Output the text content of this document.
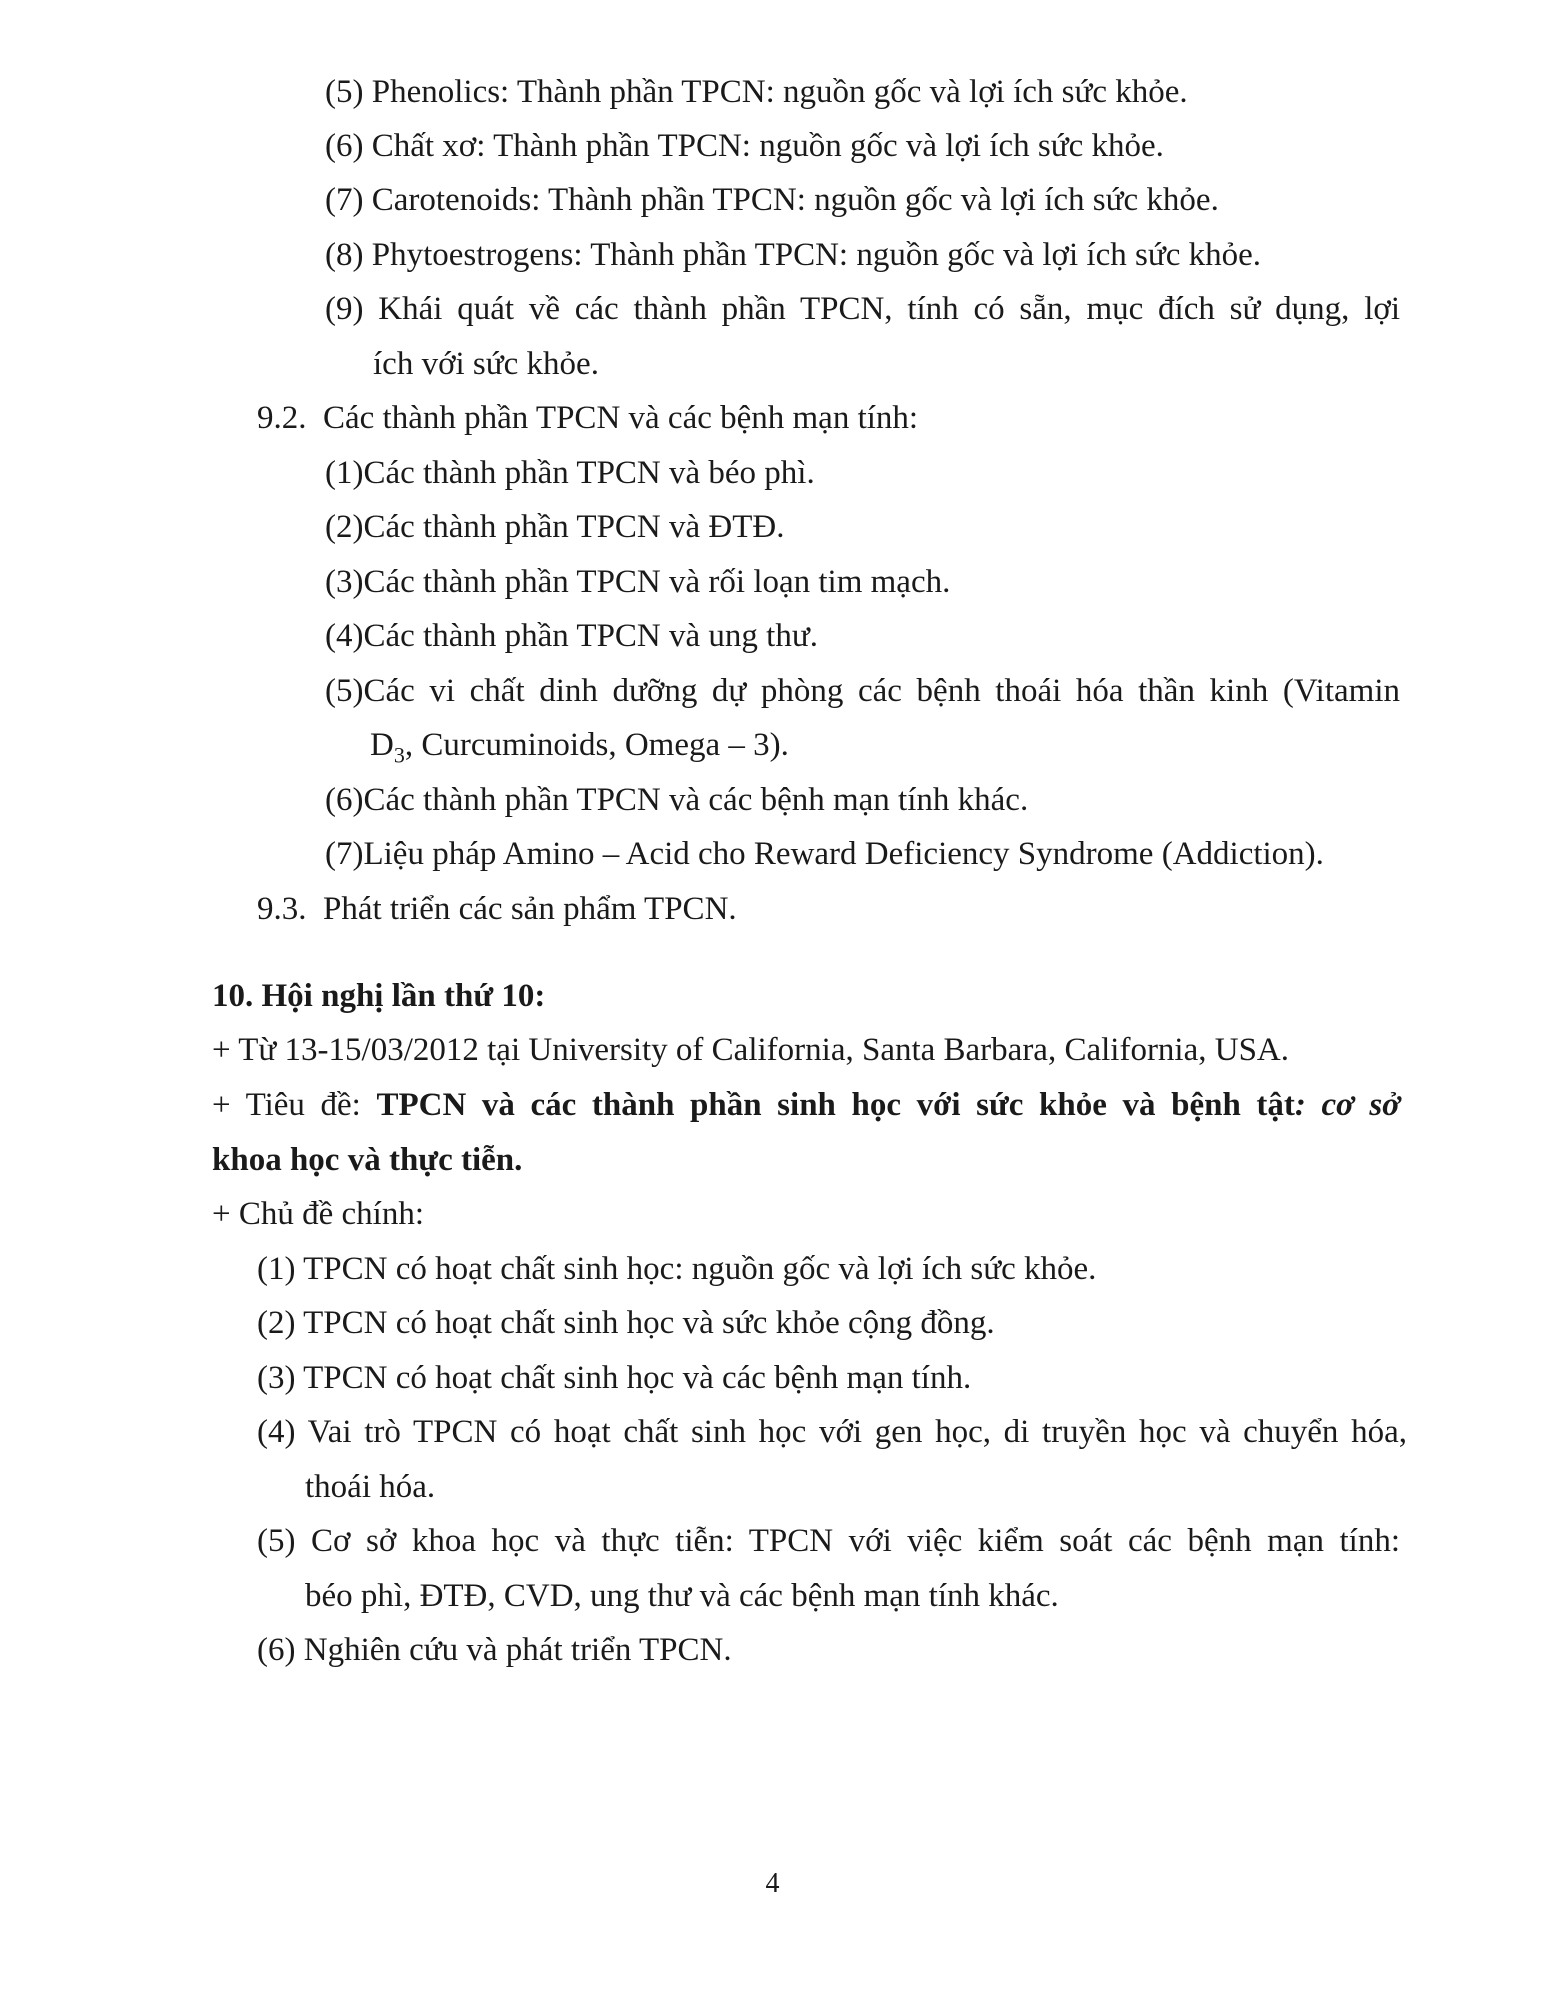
(5) Phenolics: Thành phần TPCN: nguồn gốc và lợi ích sức khỏe.
(6) Chất xơ: Thành phần TPCN: nguồn gốc và lợi ích sức khỏe.
(7) Carotenoids: Thành phần TPCN: nguồn gốc và lợi ích sức khỏe.
(8) Phytoestrogens: Thành phần TPCN: nguồn gốc và lợi ích sức khỏe.
(9) Khái quát về các thành phần TPCN, tính có sẵn, mục đích sử dụng, lợi
ích với sức khỏe.
9.2. Các thành phần TPCN và các bệnh mạn tính:
(1)Các thành phần TPCN và béo phì.
(2)Các thành phần TPCN và ĐTĐ.
(3)Các thành phần TPCN và rối loạn tim mạch.
(4)Các thành phần TPCN và ung thư.
(5)Các vi chất dinh dưỡng dự phòng các bệnh thoái hóa thần kinh (Vitamin
$D_3$, Curcuminoids, Omega – 3).
(6)Các thành phần TPCN và các bệnh mạn tính khác.
(7)Liệu pháp Amino – Acid cho Reward Deficiency Syndrome (Addiction).
9.3. Phát triển các sản phẩm TPCN.
10. Hội nghị lần thứ 10:
+ Từ 13-15/03/2012 tại University of California, Santa Barbara, California, USA.
+ Tiêu đề: TPCN và các thành phần sinh học với sức khỏe và bệnh tật: cơ sở
khoa học và thực tiễn.
+ Chủ đề chính:
(1) TPCN có hoạt chất sinh học: nguồn gốc và lợi ích sức khỏe.
(2) TPCN có hoạt chất sinh học và sức khỏe cộng đồng.
(3) TPCN có hoạt chất sinh học và các bệnh mạn tính.
(4) Vai trò TPCN có hoạt chất sinh học với gen học, di truyền học và chuyển hóa,
thoái hóa.
(5) Cơ sở khoa học và thực tiễn: TPCN với việc kiểm soát các bệnh mạn tính:
béo phì, ĐTĐ, CVD, ung thư và các bệnh mạn tính khác.
(6) Nghiên cứu và phát triển TPCN.
4
